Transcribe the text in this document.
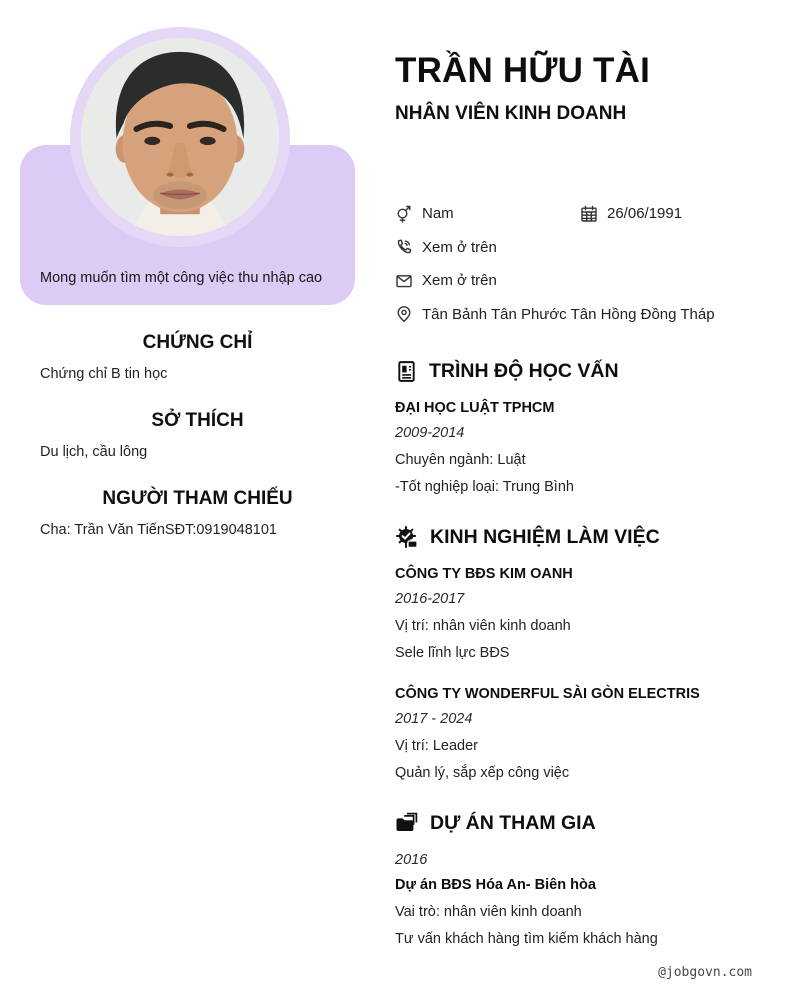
Mong muốn tìm một công việc thu nhập cao
CHỨNG CHỈ

Chứng chỉ B tin học

SỞ THÍCH

Du lịch, cầu lông

NGƯỜI THAM CHIẾU

Cha: Trần Văn TiếnSĐT:0919048101

TRẦN HỮU TÀI
NHÂN VIÊN KINH DOANH
Nam	26/06/1991
Xem ở trên
Xem ở trên
Tân Bảnh Tân Phước Tân Hồng Đồng Tháp
TRÌNH ĐỘ HỌC VẤN

ĐẠI HỌC LUẬT TPHCM

2009-2014

Chuyên ngành: Luật

-Tốt nghiệp loại: Trung Bình

KINH NGHIỆM LÀM VIỆC

CÔNG TY BĐS KIM OANH

2016-2017

Vị trí: nhân viên kinh doanh

Sele lĩnh lực BĐS

CÔNG TY WONDERFUL SÀI GÒN ELECTRIS

2017 - 2024

Vị trí: Leader

Quản lý, sắp xếp công việc

DỰ ÁN THAM GIA

2016

Dự án BĐS Hóa An- Biên hòa

Vai trò: nhân viên kinh doanh

Tư vấn khách hàng tìm kiếm khách hàng

@jobgovn.com
